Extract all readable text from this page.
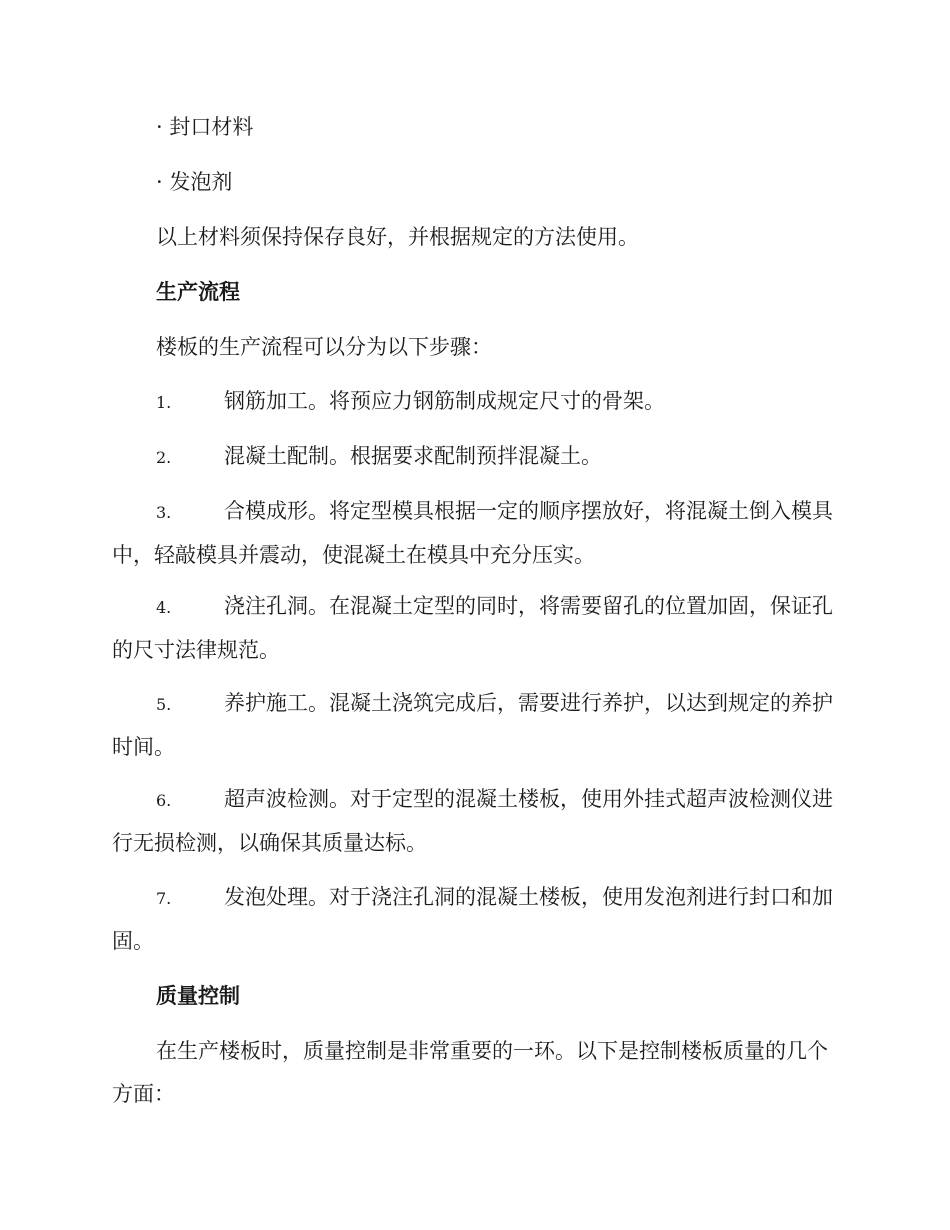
· 封口材料
· 发泡剂
以上材料须保持保存良好，并根据规定的方法使用。
生产流程
楼板的生产流程可以分为以下步骤：
1.	钢筋加工。将预应力钢筋制成规定尺寸的骨架。
2.	混凝土配制。根据要求配制预拌混凝土。
3.	合模成形。将定型模具根据一定的顺序摆放好，将混凝土倒入模具中，轻敲模具并震动，使混凝土在模具中充分压实。
4.	浇注孔洞。在混凝土定型的同时，将需要留孔的位置加固，保证孔的尺寸法律规范。
5.	养护施工。混凝土浇筑完成后，需要进行养护，以达到规定的养护时间。
6.	超声波检测。对于定型的混凝土楼板，使用外挂式超声波检测仪进行无损检测，以确保其质量达标。
7.	发泡处理。对于浇注孔洞的混凝土楼板，使用发泡剂进行封口和加固。
质量控制
在生产楼板时，质量控制是非常重要的一环。以下是控制楼板质量的几个方面：
